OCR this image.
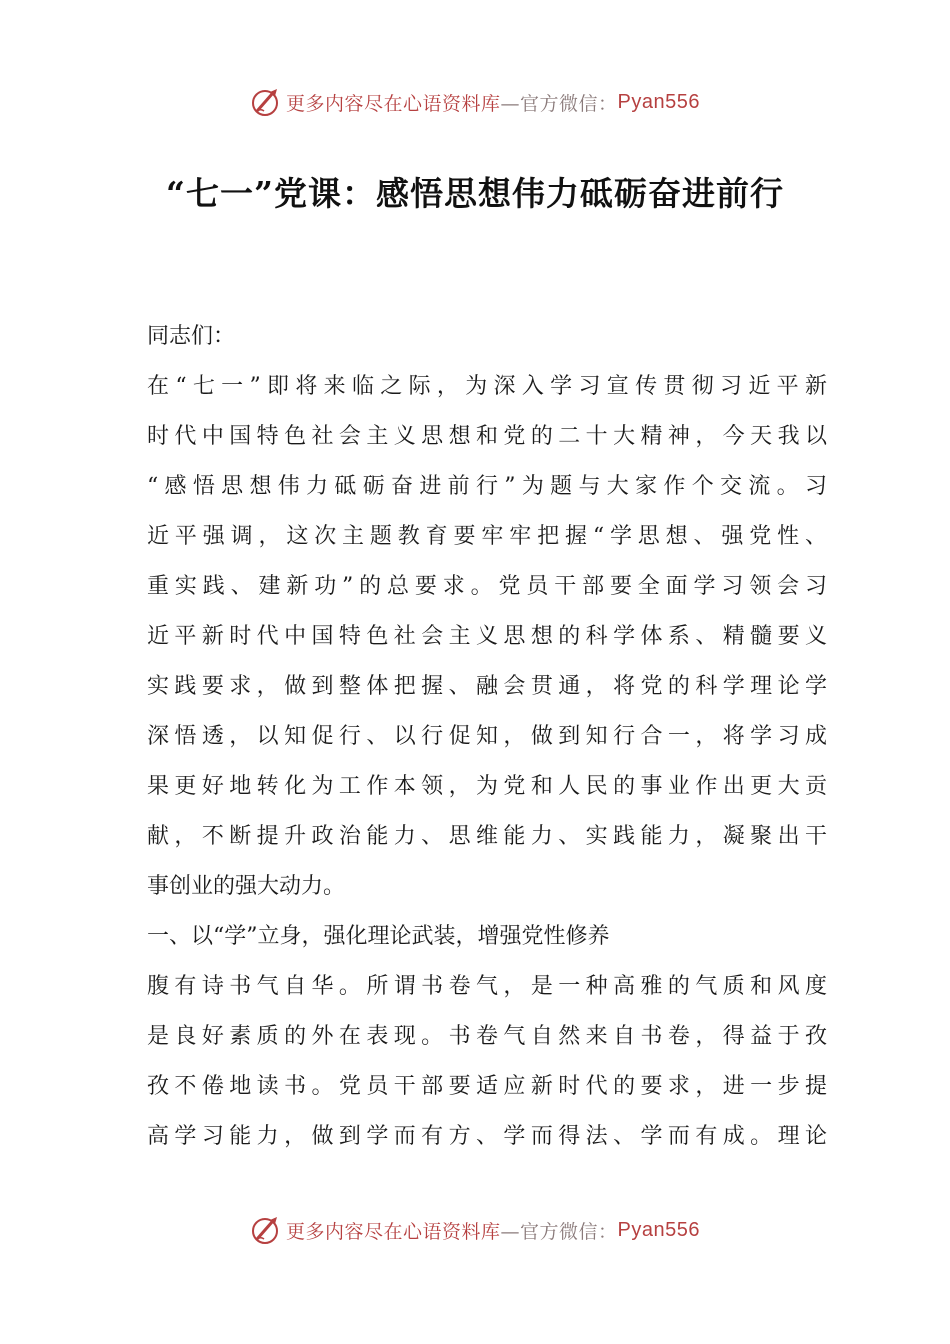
更多内容尽在心语资料库 —官方微信： Pyan556
“七一”党课：感悟思想伟力砥砺奋进前行
同志们：
在“七一”即将来临之际，为深入学习宣传贯彻习近平新
时代中国特色社会主义思想和党的二十大精神，今天我以
“感悟思想伟力砥砺奋进前行”为题与大家作个交流。习
近平强调，这次主题教育要牢牢把握“学思想、强党性、
重实践、建新功”的总要求。党员干部要全面学习领会习
近平新时代中国特色社会主义思想的科学体系、精髓要义
实践要求，做到整体把握、融会贯通，将党的科学理论学
深悟透，以知促行、以行促知，做到知行合一，将学习成
果更好地转化为工作本领，为党和人民的事业作出更大贡
献，不断提升政治能力、思维能力、实践能力，凝聚出干
事创业的强大动力。
一、以“学”立身，强化理论武装，增强党性修养
腹有诗书气自华。所谓书卷气，是一种高雅的气质和风度
是良好素质的外在表现。书卷气自然来自书卷，得益于孜
孜不倦地读书。党员干部要适应新时代的要求，进一步提
高学习能力，做到学而有方、学而得法、学而有成。理论
更多内容尽在心语资料库 —官方微信： Pyan556
